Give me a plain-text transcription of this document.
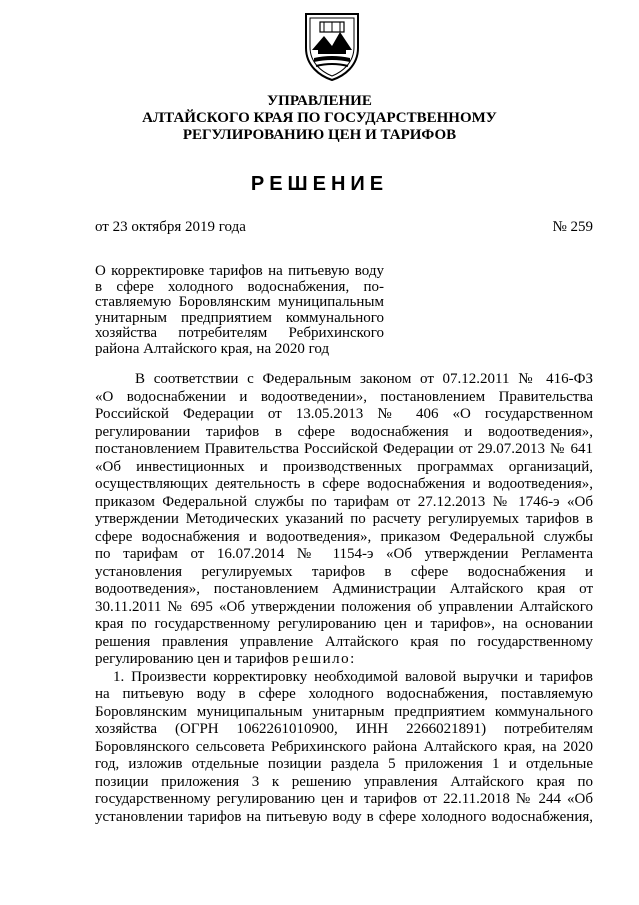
УПРАВЛЕНИЕ
АЛТАЙСКОГО КРАЯ ПО ГОСУДАРСТВЕННОМУ
РЕГУЛИРОВАНИЮ ЦЕН И ТАРИФОВ
РЕШЕНИЕ
от 23 октября 2019 года	№ 259
О корректировке тарифов на питьевую воду
в сфере холодного водоснабжения, по-
ставляемую Боровлянским муниципальным
унитарным предприятием коммунального
хозяйства потребителям Ребрихинского
района Алтайского края, на 2020 год
В соответствии с Федеральным законом от 07.12.2011 № 416-ФЗ
«О водоснабжении и водоотведении», постановлением Правительства
Российской Федерации от 13.05.2013 № 406 «О государственном
регулировании тарифов в сфере водоснабжения и водоотведения»,
постановлением Правительства Российской Федерации от 29.07.2013 № 641
«Об инвестиционных и производственных программах организаций,
осуществляющих деятельность в сфере водоснабжения и водоотведения»,
приказом Федеральной службы по тарифам от 27.12.2013 № 1746-э «Об
утверждении Методических указаний по расчету регулируемых тарифов в
сфере водоснабжения и водоотведения», приказом Федеральной службы
по тарифам от 16.07.2014 № 1154-э «Об утверждении Регламента
установления регулируемых тарифов в сфере водоснабжения и
водоотведения», постановлением Администрации Алтайского края от
30.11.2011 № 695 «Об утверждении положения об управлении Алтайского
края по государственному регулированию цен и тарифов», на основании
решения правления управление Алтайского края по государственному
регулированию цен и тарифов решило:
1. Произвести корректировку необходимой валовой выручки и тарифов
на питьевую воду в сфере холодного водоснабжения, поставляемую
Боровлянским муниципальным унитарным предприятием коммунального
хозяйства (ОГРН 1062261010900, ИНН 2266021891) потребителям
Боровлянского сельсовета Ребрихинского района Алтайского края, на 2020
год, изложив отдельные позиции раздела 5 приложения 1 и отдельные
позиции приложения 3 к решению управления Алтайского края по
государственному регулированию цен и тарифов от 22.11.2018 № 244 «Об
установлении тарифов на питьевую воду в сфере холодного водоснабжения,
